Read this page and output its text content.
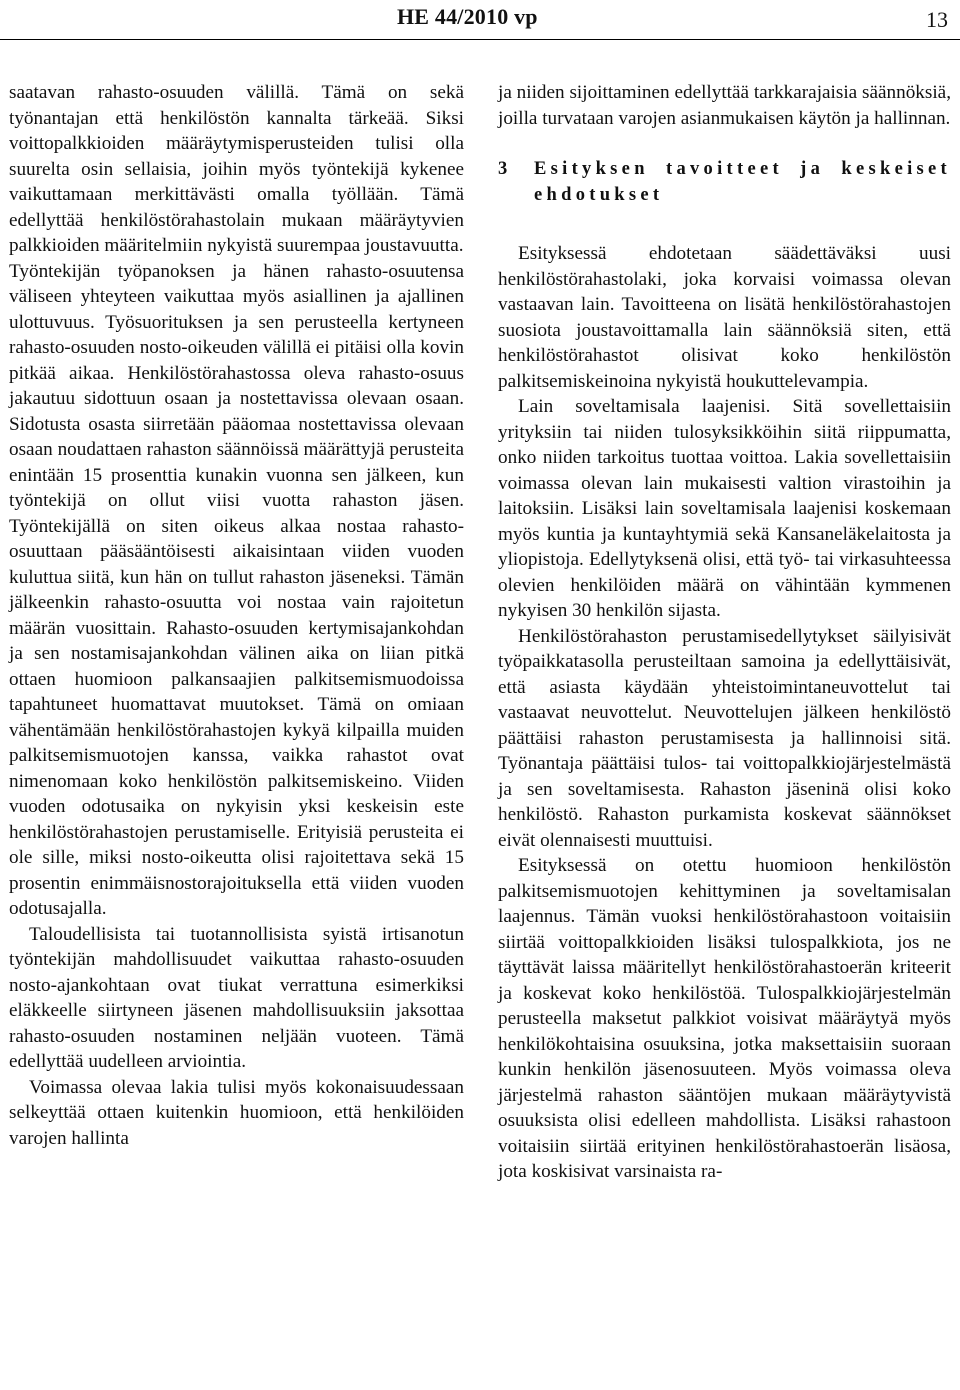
HE 44/2010 vp	13

saatavan rahasto-osuuden välillä. Tämä on sekä työnantajan että henkilöstön kannalta tärkeää. Siksi voittopalkkioiden määräytymisperusteiden tulisi olla suurelta osin sellaisia, joihin myös työntekijä kykenee vaikuttamaan merkittävästi omalla työllään. Tämä edellyttää henkilöstörahastolain mukaan määräytyvien palkkioiden määritelmiin nykyistä suurempaa joustavuutta.

Työntekijän työpanoksen ja hänen rahasto-osuutensa väliseen yhteyteen vaikuttaa myös asiallinen ja ajallinen ulottuvuus. Työsuorituksen ja sen perusteella kertyneen rahasto-osuuden nosto-oikeuden välillä ei pitäisi olla kovin pitkää aikaa. Henkilöstörahastossa oleva rahasto-osuus jakautuu sidottuun osaan ja nostettavissa olevaan osaan. Sidotusta osasta siirretään pääomaa nostettavissa olevaan osaan noudattaen rahaston säännöissä määrättyjä perusteita enintään 15 prosenttia kunakin vuonna sen jälkeen, kun työntekijä on ollut viisi vuotta rahaston jäsen. Työntekijällä on siten oikeus alkaa nostaa rahasto-osuuttaan pääsääntöisesti aikaisintaan viiden vuoden kuluttua siitä, kun hän on tullut rahaston jäseneksi. Tämän jälkeenkin rahasto-osuutta voi nostaa vain rajoitetun määrän vuosittain. Rahasto-osuuden kertymisajankohdan ja sen nostamisajankohdan välinen aika on liian pitkä ottaen huomioon palkansaajien palkitsemismuodoissa tapahtuneet huomattavat muutokset. Tämä on omiaan vähentämään henkilöstörahastojen kykyä kilpailla muiden palkitsemismuotojen kanssa, vaikka rahastot ovat nimenomaan koko henkilöstön palkitsemiskeino. Viiden vuoden odotusaika on nykyisin yksi keskeisin este henkilöstörahastojen perustamiselle. Erityisiä perusteita ei ole sille, miksi nosto-oikeutta olisi rajoitettava sekä 15 prosentin enimmäisnostorajoituksella että viiden vuoden odotusajalla.

Taloudellisista tai tuotannollisista syistä irtisanotun työntekijän mahdollisuudet vaikuttaa rahasto-osuuden nosto-ajankohtaan ovat tiukat verrattuna esimerkiksi eläkkeelle siirtyneen jäsenen mahdollisuuksiin jaksottaa rahasto-osuuden nostaminen neljään vuoteen. Tämä edellyttää uudelleen arviointia.

Voimassa olevaa lakia tulisi myös kokonaisuudessaan selkeyttää ottaen kuitenkin huomioon, että henkilöiden varojen hallinta

ja niiden sijoittaminen edellyttää tarkkarajaisia säännöksiä, joilla turvataan varojen asianmukaisen käytön ja hallinnan.

3	Esityksen tavoitteet ja keskeiset ehdotukset

Esityksessä ehdotetaan säädettäväksi uusi henkilöstörahastolaki, joka korvaisi voimassa olevan vastaavan lain. Tavoitteena on lisätä henkilöstörahastojen suosiota joustavoittamalla lain säännöksiä siten, että henkilöstörahastot olisivat koko henkilöstön palkitsemiskeinoina nykyistä houkuttelevampia.

Lain soveltamisala laajenisi. Sitä sovellettaisiin yrityksiin tai niiden tulosyksikköihin siitä riippumatta, onko niiden tarkoitus tuottaa voittoa. Lakia sovellettaisiin voimassa olevan lain mukaisesti valtion virastoihin ja laitoksiin. Lisäksi lain soveltamisala laajenisi koskemaan myös kuntia ja kuntayhtymiä sekä Kansaneläkelaitosta ja yliopistoja. Edellytyksenä olisi, että työ- tai virkasuhteessa olevien henkilöiden määrä on vähintään kymmenen nykyisen 30 henkilön sijasta.

Henkilöstörahaston perustamisedellytykset säilyisivät työpaikkatasolla perusteiltaan samoina ja edellyttäisivät, että asiasta käydään yhteistoimintaneuvottelut tai vastaavat neuvottelut. Neuvottelujen jälkeen henkilöstö päättäisi rahaston perustamisesta ja hallinnoisi sitä. Työnantaja päättäisi tulos- tai voittopalkkiojärjestelmästä ja sen soveltamisesta. Rahaston jäseninä olisi koko henkilöstö. Rahaston purkamista koskevat säännökset eivät olennaisesti muuttuisi.

Esityksessä on otettu huomioon henkilöstön palkitsemismuotojen kehittyminen ja soveltamisalan laajennus. Tämän vuoksi henkilöstörahastoon voitaisiin siirtää voittopalkkioiden lisäksi tulospalkkiota, jos ne täyttävät laissa määritellyt henkilöstörahastoerän kriteerit ja koskevat koko henkilöstöä. Tulospalkkiojärjestelmän perusteella maksetut palkkiot voisivat määräytyä myös henkilökohtaisina osuuksina, jotka maksettaisiin suoraan kunkin henkilön jäsenosuuteen. Myös voimassa oleva järjestelmä rahaston sääntöjen mukaan määräytyvistä osuuksista olisi edelleen mahdollista. Lisäksi rahastoon voitaisiin siirtää erityinen henkilöstörahastoerän lisäosa, jota koskisivat varsinaista ra-
